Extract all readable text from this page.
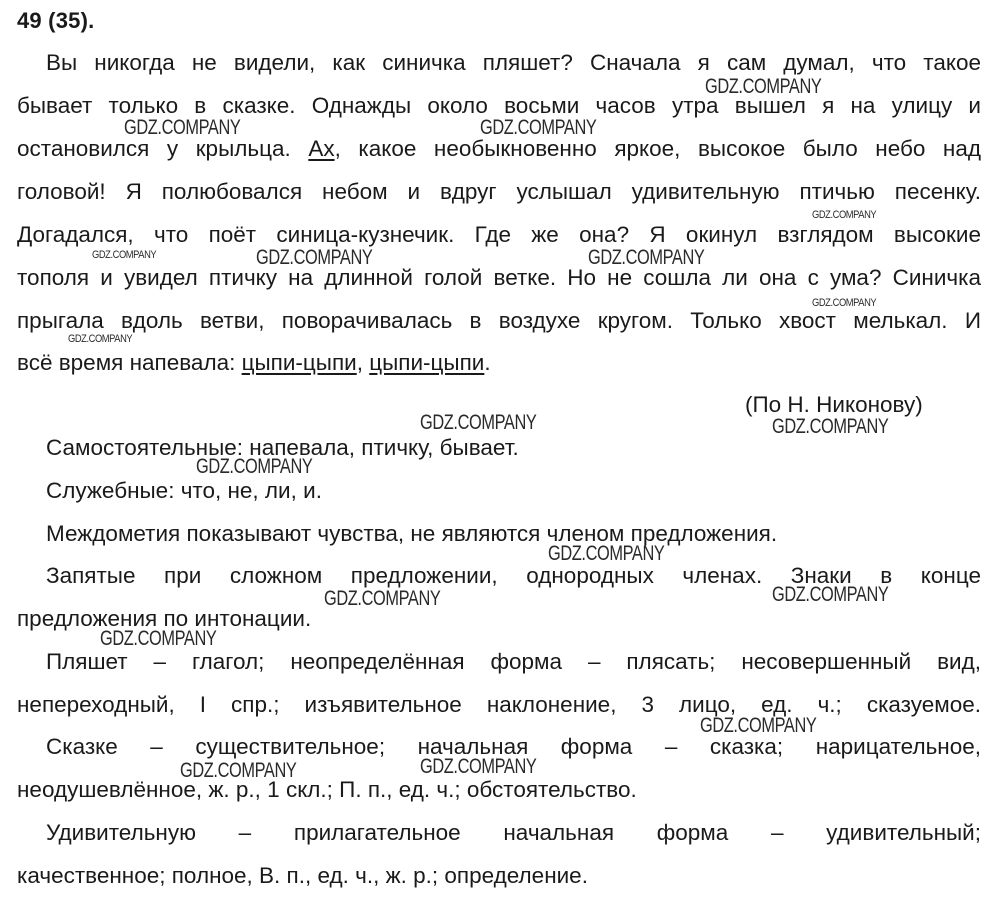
49 (35).
Вы никогда не видели, как синичка пляшет? Сначала я сам думал, что такое
бывает только в сказке. Однажды около восьми часов утра вышел я на улицу и
остановился у крыльца. Ах, какое необыкновенно яркое, высокое было небо над
головой! Я полюбовался небом и вдруг услышал удивительную птичью песенку.
Догадался, что поёт синица-кузнечик. Где же она? Я окинул взглядом высокие
тополя и увидел птичку на длинной голой ветке. Но не сошла ли она с ума? Синичка
прыгала вдоль ветви, поворачивалась в воздухе кругом. Только хвост мелькал. И
всё время напевала: цыпи-цыпи, цыпи-цыпи.
(По Н. Никонову)
Самостоятельные: напевала, птичку, бывает.
Служебные: что, не, ли, и.
Междометия показывают чувства, не являются членом предложения.
Запятые при сложном предложении, однородных членах. Знаки в конце
предложения по интонации.
Пляшет – глагол; неопределённая форма – плясать; несовершенный вид,
непереходный, I спр.; изъявительное наклонение, 3 лицо, ед. ч.; сказуемое.
Сказке – существительное; начальная форма – сказка; нарицательное,
неодушевлённое, ж. р., 1 скл.; П. п., ед. ч.; обстоятельство.
Удивительную – прилагательное начальная форма – удивительный;
качественное; полное, В. п., ед. ч., ж. р.; определение.
GDZ.COMPANY
GDZ.COMPANY	GDZ.COMPANY
GDZ.COMPANY
GDZ.COMPANY	GDZ.COMPANY	GDZ.COMPANY
GDZ.COMPANY
GDZ.COMPANY
GDZ.COMPANY	GDZ.COMPANY
GDZ.COMPANY
GDZ.COMPANY
GDZ.COMPANY	GDZ.COMPANY
GDZ.COMPANY
GDZ.COMPANY
GDZ.COMPANY	GDZ.COMPANY
